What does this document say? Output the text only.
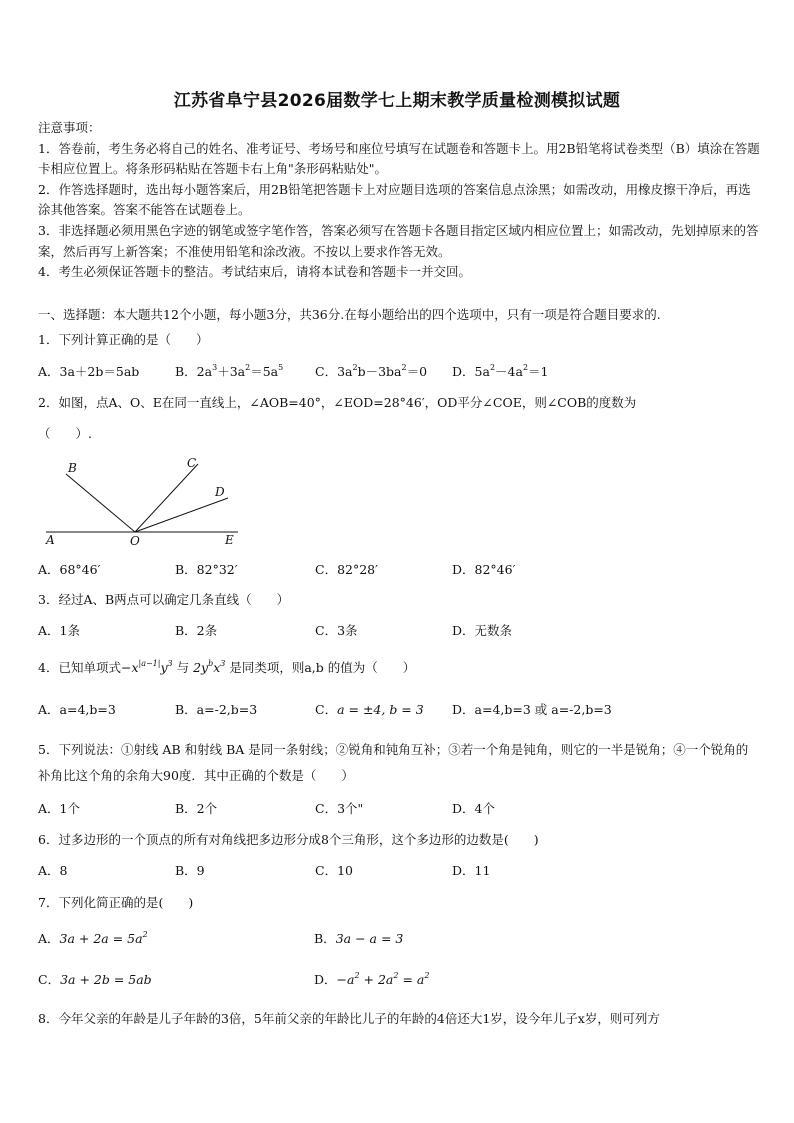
江苏省阜宁县2026届数学七上期末教学质量检测模拟试题
注意事项：
1．答卷前，考生务必将自己的姓名、准考证号、考场号和座位号填写在试题卷和答题卡上。用2B铅笔将试卷类型（B）填涂在答题卡相应位置上。将条形码粘贴在答题卡右上角"条形码粘贴处"。
2．作答选择题时，选出每小题答案后，用2B铅笔把答题卡上对应题目选项的答案信息点涂黑；如需改动，用橡皮擦干净后，再选涂其他答案。答案不能答在试题卷上。
3．非选择题必须用黑色字迹的钢笔或签字笔作答，答案必须写在答题卡各题目指定区域内相应位置上；如需改动，先划掉原来的答案，然后再写上新答案；不准使用铅笔和涂改液。不按以上要求作答无效。
4．考生必须保证答题卡的整洁。考试结束后，请将本试卷和答题卡一并交回。
一、选择题：本大题共12个小题，每小题3分，共36分.在每小题给出的四个选项中，只有一项是符合题目要求的.
1．下列计算正确的是（　　）
A．3a＋2b＝5ab	B．$2a^3+3a^2=5a^5$	C．$3a^2b-3ba^2=0$ D．$5a^2-4a^2=1$
2．如图，点A、O、E在同一直线上，∠AOB=40°，∠EOD=28°46′，OD平分∠COE，则∠COB的度数为
（　　）.
A	O	E
B	C
D
A．68°46′	B．82°32′	C．82°28′	D．82°46′
3．经过A、B两点可以确定几条直线（　　）
A．1条	B．2条	C．3条	D．无数条
4．已知单项式$-x^{|a-1|}y^3$ 与 $2y^bx^3$ 是同类项，则a,b 的值为（　　）
A．a=4,b=3	B．a=-2,b=3	C．a = ±4, b = 3 D．a=4,b=3 或 a=-2,b=3
5．下列说法：①射线 AB 和射线 BA 是同一条射线；②锐角和钝角互补；③若一个角是钝角，则它的一半是锐角；④一个锐角的补角比这个角的余角大90度．其中正确的个数是（　　）
A．1个	B．2个	C．3个"	D．4个
6．过多边形的一个顶点的所有对角线把多边形分成8个三角形，这个多边形的边数是(　　)
A．8	B．9	C．10	D．11
7．下列化简正确的是(　　)
A．$3a + 2a = 5a^2$	B．3a − a = 3
C．3a + 2b = 5ab	D．$-a^2 + 2a^2 = a^2$
8．今年父亲的年龄是儿子年龄的3倍，5年前父亲的年龄比儿子的年龄的4倍还大1岁，设今年儿子x岁，则可列方
